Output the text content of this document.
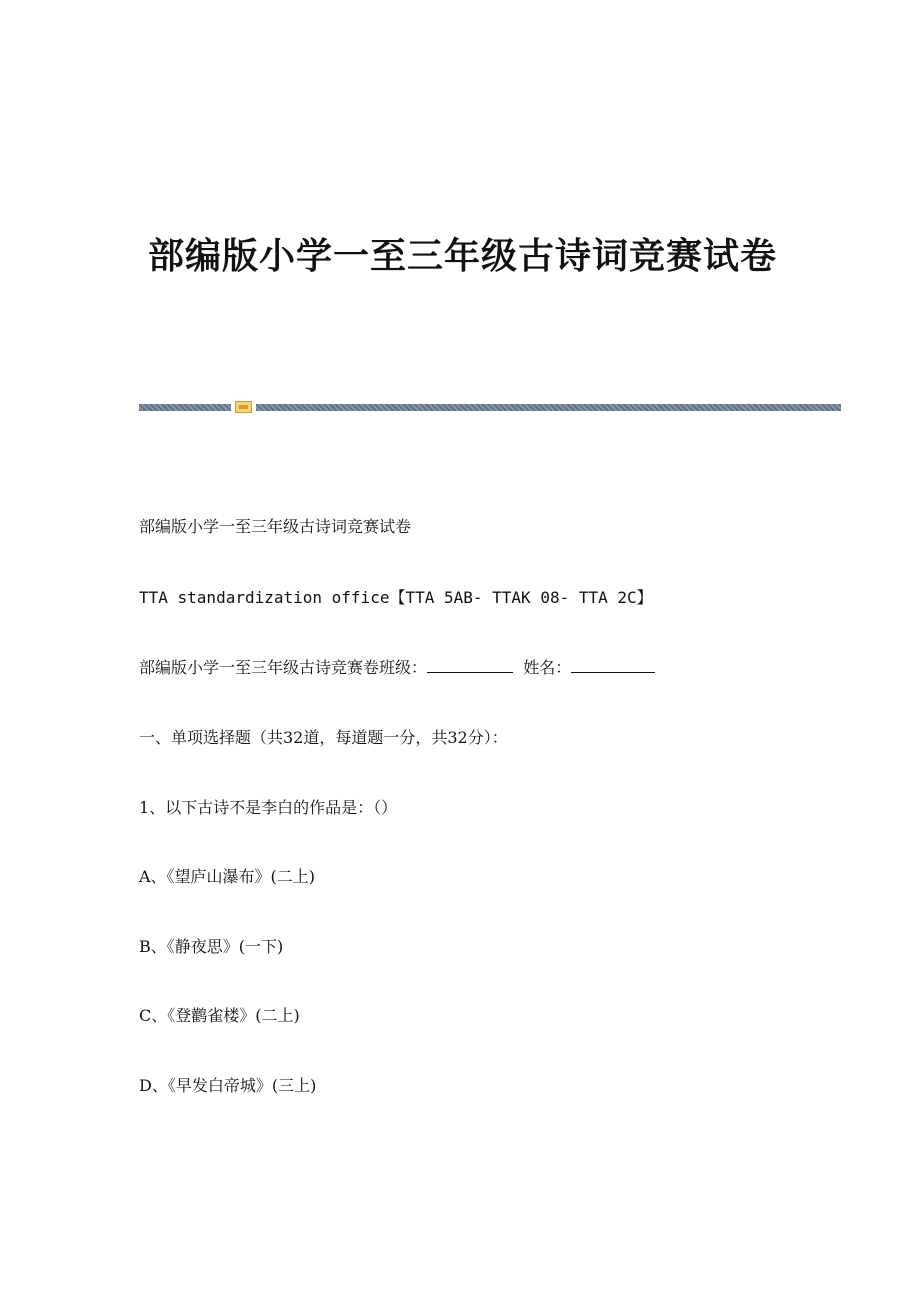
部编版小学一至三年级古诗词竞赛试卷

部编版小学一至三年级古诗词竞赛试卷

TTA standardization office【TTA 5AB- TTAK 08- TTA 2C】

部编版小学一至三年级古诗竞赛卷班级：	姓名：

一、单项选择题（共32道，每道题一分，共32分）：

1、以下古诗不是李白的作品是：（）

A、《望庐山瀑布》(二上)

B、《静夜思》(一下)

C、《登鹳雀楼》(二上)

D、《早发白帝城》(三上)
